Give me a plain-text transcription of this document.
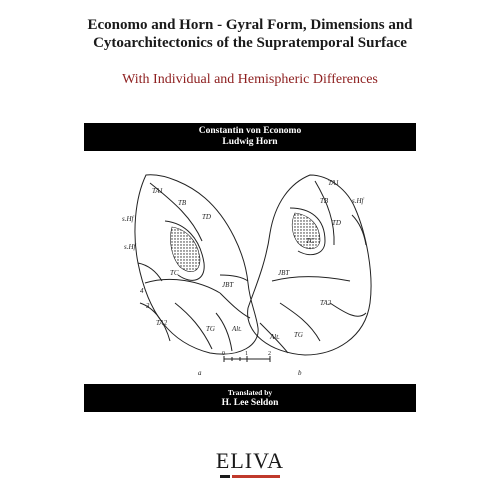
Economo and Horn - Gyral Form, Dimensions and Cytoarchitectonics of the Supratemporal Surface
With Individual and Hemispheric Differences
Constantin von Economo
Ludwig Horn
TA1
TB
TD
s.Hf
s.Hf
TC
JBT
TA2
TG Alt.
3
4
a
TA1
TB	s.Hf
TD
TC
JBT
TA2
TG
Alt.
b
0	1	2
Translated by
H. Lee Seldon
ELIVA
